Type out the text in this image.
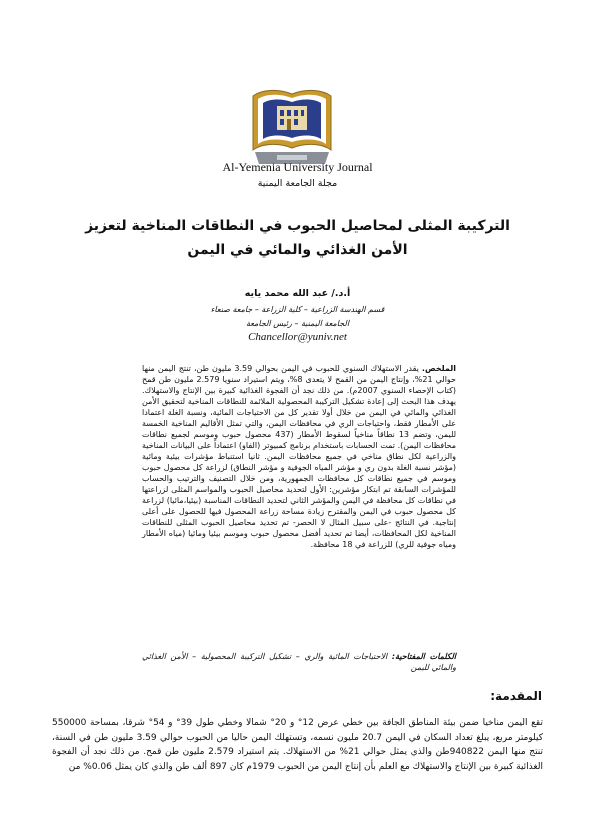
Al-Yemenia University Journal
مجلة الجامعة اليمنية
التركيبة المثلى لمحاصيل الحبوب في النطاقات المناخية لتعزيز الأمن الغذائي والمائي في اليمن
أ.د./ عبد الله محمد يايه
قسم الهندسة الزراعية – كلية الزراعة – جامعة صنعاء
الجامعة اليمنية – رئيس الجامعة
Chancellor@yuniv.net
الملخص. يقدر الاستهلاك السنوي للحبوب في اليمن بحوالي 3.59 مليون طن، تنتج اليمن منها حوالي 21%، وإنتاج اليمن من القمح لا يتعدى 8%، ويتم استيراد سنويا 2.579 مليون طن قمح (كتاب الإحصاء السنوي 2007م). من ذلك نجد أن الفجوة الغذائية كبيرة بين الإنتاج والاستهلاك. يهدف هذا البحث إلى إعادة تشكيل التركيبة المحصولية الملائمة للنطاقات المناخية لتحقيق الأمن الغذائي والمائي في اليمن من خلال أولا تقدير كل من الاحتياجات المائية، ونسبة الغلة اعتمادا على الأمطار فقط، واحتياجات الري في محافظات اليمن، والتي تمثل الأقاليم المناخية الخمسة لليمن، وتضم 13 نطاقاً مناخياً لسقوط الأمطار (437 محصول حبوب وموسم لجميع نطاقات محافظات اليمن). تمت الحسابات باستخدام برنامج كمبيوتر (الفاو) اعتماداً على البيانات المناخية والزراعية لكل نطاق مناخي في جميع محافظات اليمن. ثانيا استنباط مؤشرات بيئية ومائية (مؤشر نسبة الغلة بدون ري و مؤشر المياه الجوفية و مؤشر النطاق) لزراعة كل محصول حبوب وموسم في جميع نطاقات كل محافظات الجمهورية، ومن خلال التصنيف والترتيب والحساب للمؤشرات السابقة تم ابتكار مؤشرين: الأول لتحديد محاصيل الحبوب والمواسم المثلى لزراعتها في نطاقات كل محافظة في اليمن والمؤشر الثاني لتحديد النطاقات المناسبة (بيئيا،مائيا) لزراعة كل محصول حبوب في اليمن والمقترح زيادة مساحة زراعة المحصول فيها للحصول على أعلى إنتاجية. في النتائج -على سبيل المثال لا الحصر- تم تحديد محاصيل الحبوب المثلى للنطاقات المناخية لكل المحافظات، أيضا تم تحديد أفضل محصول حبوب وموسم بيئيا ومائيا (مياه الأمطار ومياه جوفية للري) للزراعة في 18 محافظة.
الكلمات المفتاحية: الاحتياجات المائية والري – تشكيل التركيبة المحصولية – الأمن الغذائي والمائي لليمن
المقدمة:
تقع اليمن مناخيا ضمن بيئة المناطق الجافة بين خطي عرض 12° و 20° شمالا وخطي طول 39° و 54° شرقا، بمساحة 550000 كيلومتر مربع، يبلغ تعداد السكان في اليمن 20.7 مليون نسمه، وتستهلك اليمن حاليا من الحبوب حوالي 3.59 مليون طن في السنة، تنتج منها اليمن 940822طن والذي يمثل حوالي 21% من الاستهلاك. يتم استيراد 2.579 مليون طن قمح. من ذلك نجد أن الفجوة الغذائية كبيرة بين الإنتاج والاستهلاك مع العلم بأن إنتاج اليمن من الحبوب 1979م كان 897 ألف طن والذي كان يمثل 0.06% من
